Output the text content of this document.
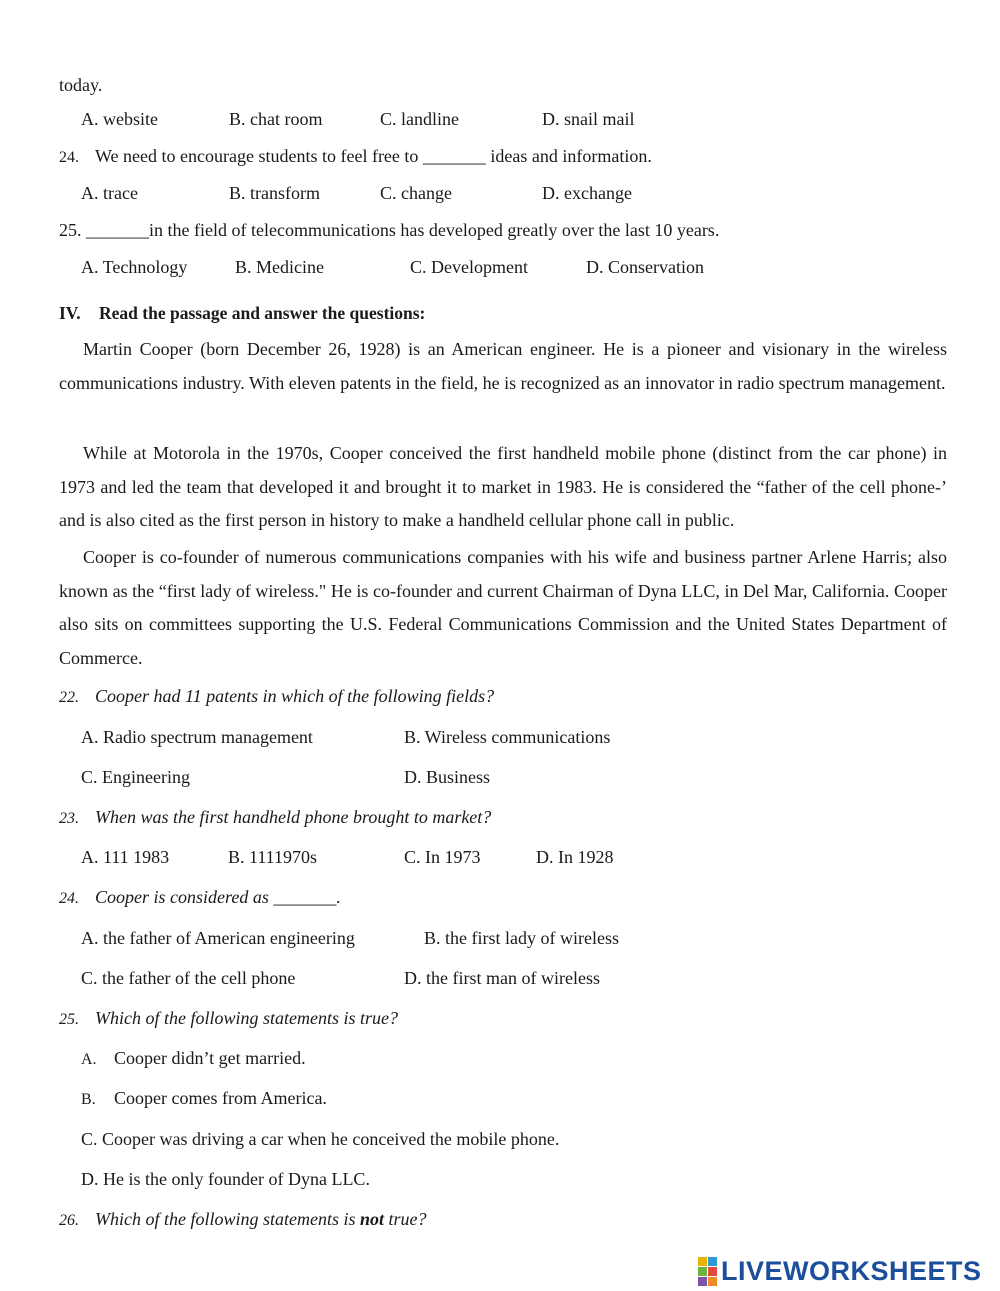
today.
A. website	B. chat room	C. landline	D. snail mail
24. We need to encourage students to feel free to _______ ideas and information.
A. trace	B. transform	C. change	D. exchange
25. _______in the field of telecommunications has developed greatly over the last 10 years.
A. Technology	B. Medicine	C. Development	D. Conservation
IV. Read the passage and answer the questions:
Martin Cooper (born December 26, 1928) is an American engineer. He is a pioneer and visionary in the wireless communications industry. With eleven patents in the field, he is recognized as an innovator in radio spectrum management.
While at Motorola in the 1970s, Cooper conceived the first handheld mobile phone (distinct from the car phone) in 1973 and led the team that developed it and brought it to market in 1983. He is considered the “father of the cell phone-’ and is also cited as the first person in history to make a handheld cellular phone call in public.
Cooper is co-founder of numerous communications companies with his wife and business partner Arlene Harris; also known as the “first lady of wireless." He is co-founder and current Chairman of Dyna LLC, in Del Mar, California. Cooper also sits on committees supporting the U.S. Federal Communications Commission and the United States Department of Commerce.
22. Cooper had 11 patents in which of the following fields?
A. Radio spectrum management	B. Wireless communications
C. Engineering	D. Business
23. When was the first handheld phone brought to market?
A. 111 1983	B. 1111970s	C. In 1973	D. In 1928
24. Cooper is considered as _______.
A. the father of American engineering	B. the first lady of wireless
C. the father of the cell phone	D. the first man of wireless
25. Which of the following statements is true?
A. Cooper didn’t get married.
B. Cooper comes from America.
C. Cooper was driving a car when he conceived the mobile phone.
D. He is the only founder of Dyna LLC.
26. Which of the following statements is not true?
LIVEWORKSHEETS
